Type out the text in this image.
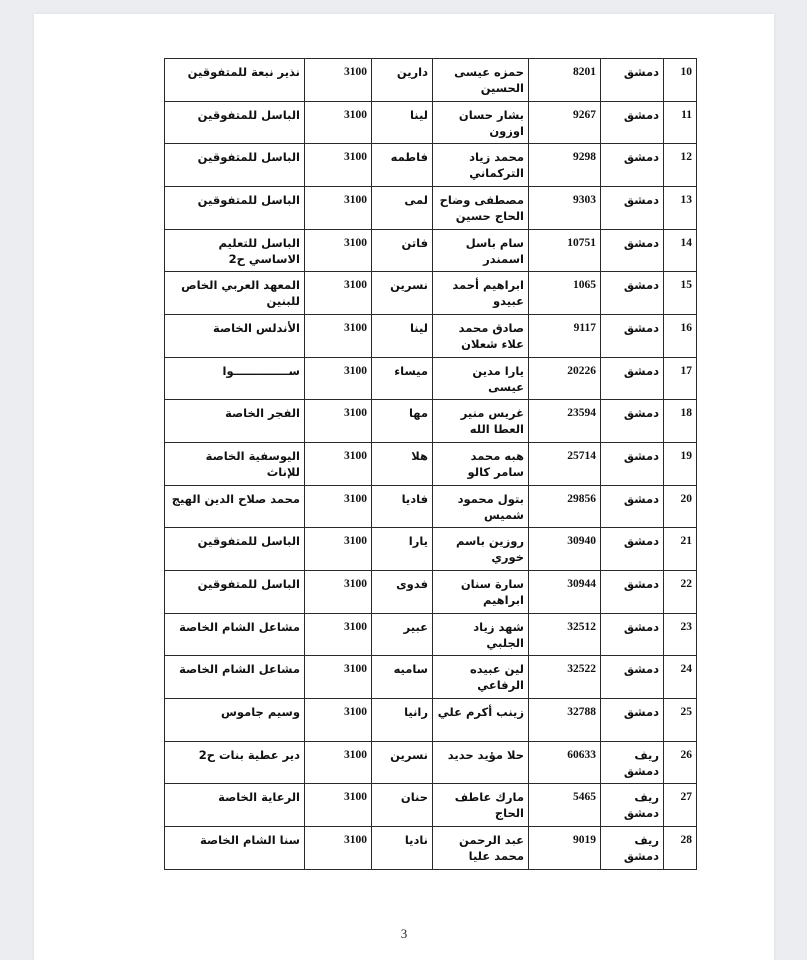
10	دمشق	8201	حمزه عيسى الحسين	دارين	3100	نذير نبعة للمتفوقين
11	دمشق	9267	بشار حسان اوزون	لينا	3100	الباسل للمتفوقين
12	دمشق	9298	محمد زياد التركماني	فاطمه	3100	الباسل للمتفوقين
13	دمشق	9303	مصطفى وضاح الحاج حسين	لمى	3100	الباسل للمتفوقين
14	دمشق	10751	سام باسل اسمندر	فاتن	3100	الباسل للتعليم الاساسي ح2
15	دمشق	1065	ابراهيم أحمد عبيدو	نسرين	3100	المعهد العربي الخاص للبنين
16	دمشق	9117	صادق محمد علاء شعلان	لينا	3100	الأندلس الخاصة
17	دمشق	20226	يارا مدين عيسى	ميساء	3100	ســــــــــــــوا
18	دمشق	23594	غريس منير العطا الله	مها	3100	الفجر الخاصة
19	دمشق	25714	هبه محمد سامر كالو	هلا	3100	اليوسفية الخاصة للإناث
20	دمشق	29856	بتول محمود شميس	فاديا	3100	محمد صلاح الدين الهيج
21	دمشق	30940	روزين باسم خوري	يارا	3100	الباسل للمتفوقين
22	دمشق	30944	سارة سنان ابراهيم	فدوى	3100	الباسل للمتفوقين
23	دمشق	32512	شهد زياد الجلبي	عبير	3100	مشاعل الشام الخاصة
24	دمشق	32522	لين عبيده الرفاعي	ساميه	3100	مشاعل الشام الخاصة
25	دمشق	32788	زينب أكرم علي	رانيا	3100	وسيم جاموس
26	ريف دمشق	60633	حلا مؤيد حديد	نسرين	3100	دير عطية بنات ح2
27	ريف دمشق	5465	مارك عاطف الحاج	حنان	3100	الرعاية الخاصة
28	ريف دمشق	9019	عبد الرحمن محمد عليا	ناديا	3100	سنا الشام الخاصة
3
